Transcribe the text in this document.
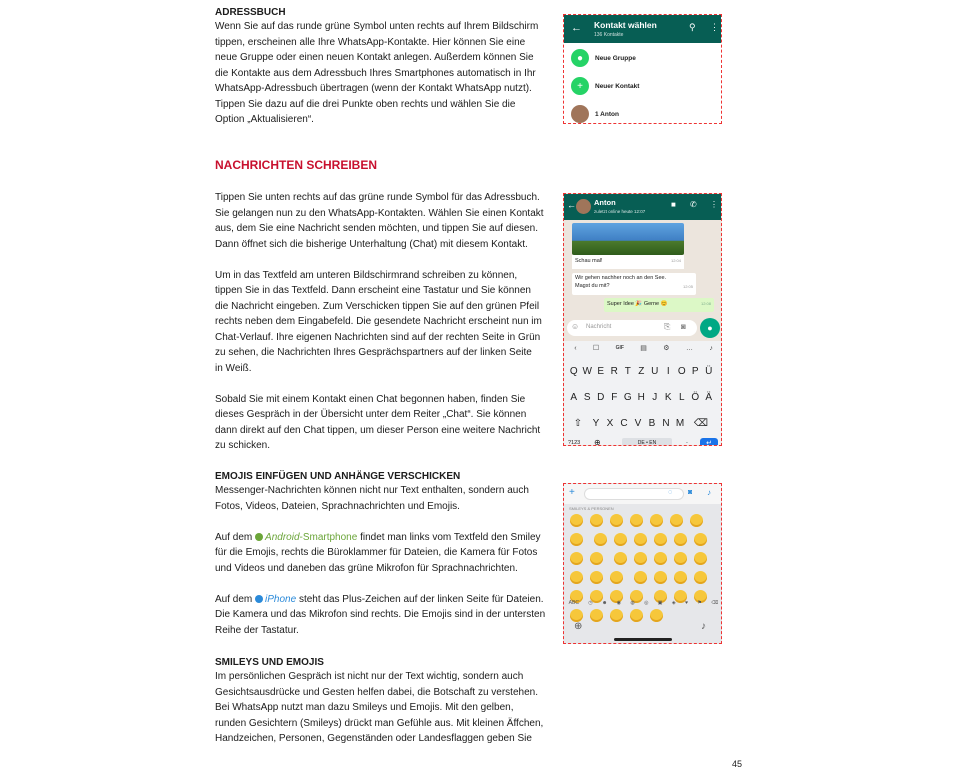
ADRESSBUCH
Wenn Sie auf das runde grüne Symbol unten rechts auf Ihrem Bildschirm
tippen, erscheinen alle Ihre WhatsApp-Kontakte. Hier können Sie eine
neue Gruppe oder einen neuen Kontakt anlegen. Außerdem können Sie
die Kontakte aus dem Adressbuch Ihres Smartphones automatisch in Ihr
WhatsApp-Adressbuch übertragen (wenn der Kontakt WhatsApp nutzt).
Tippen Sie dazu auf die drei Punkte oben rechts und wählen Sie die
Option „Aktualisieren“.
NACHRICHTEN SCHREIBEN
Tippen Sie unten rechts auf das grüne runde Symbol für das Adressbuch.
Sie gelangen nun zu den WhatsApp-Kontakten. Wählen Sie einen Kontakt
aus, dem Sie eine Nachricht senden möchten, und tippen Sie auf diesen.
Dann öffnet sich die bisherige Unterhaltung (Chat) mit diesem Kontakt.
Um in das Textfeld am unteren Bildschirmrand schreiben zu können,
tippen Sie in das Textfeld. Dann erscheint eine Tastatur und Sie können
die Nachricht eingeben. Zum Verschicken tippen Sie auf den grünen Pfeil
rechts neben dem Eingabefeld. Die gesendete Nachricht erscheint nun im
Chat-Verlauf. Ihre eigenen Nachrichten sind auf der rechten Seite in Grün
zu sehen, die Nachrichten Ihres Gesprächspartners auf der linken Seite
in Weiß.
Sobald Sie mit einem Kontakt einen Chat begonnen haben, finden Sie
dieses Gespräch in der Übersicht unter dem Reiter „Chat“. Sie können
dann direkt auf den Chat tippen, um dieser Person eine weitere Nachricht
zu schicken.
EMOJIS EINFÜGEN UND ANHÄNGE VERSCHICKEN
Messenger-Nachrichten können nicht nur Text enthalten, sondern auch
Fotos, Videos, Dateien, Sprachnachrichten und Emojis.
Auf dem Android-Smartphone findet man links vom Textfeld den Smiley
für die Emojis, rechts die Büroklammer für Dateien, die Kamera für Fotos
und Videos und daneben das grüne Mikrofon für Sprachnachrichten.
Auf dem iPhone steht das Plus-Zeichen auf der linken Seite für Dateien.
Die Kamera und das Mikrofon sind rechts. Die Emojis sind in der untersten
Reihe der Tastatur.
SMILEYS UND EMOJIS
Im persönlichen Gespräch ist nicht nur der Text wichtig, sondern auch
Gesichtsausdrücke und Gesten helfen dabei, die Botschaft zu verstehen.
Bei WhatsApp nutzt man dazu Smileys und Emojis. Mit den gelben,
runden Gesichtern (Smileys) drückt man Gefühle aus. Mit kleinen Äffchen,
Handzeichen, Personen, Gegenständen oder Landesflaggen geben Sie
45
← Kontakt wählen
136 Kontakte
⚲ ⋮
●	Neue Gruppe
+	Neuer Kontakt
1 Anton
← Anton
zuletzt online heute 12:07
■ ✆ ⋮
Schau mal!	12:04
Wir gehen nachher noch an den See.
Magst du mit?	12:05
Super Idee 🎉 Gerne 😊	12:08
☺ Nachricht	⎘ ◙	●
‹ ☐	GIF ▤ ⚙ … ♪
Q W E R T Z U I O P Ü
A S D F G H J K L Ö Ä
⇧ Y X C V B N M ⌫
?123 ⊕	DE • EN	.	↵
+	◌ ◙ ♪
SMILEYS & PERSONEN

ABC ◷ ☻ ◉ ◍ ◎ ▣ ◈ ♥ ⚑ ⌫
⊕	♪
